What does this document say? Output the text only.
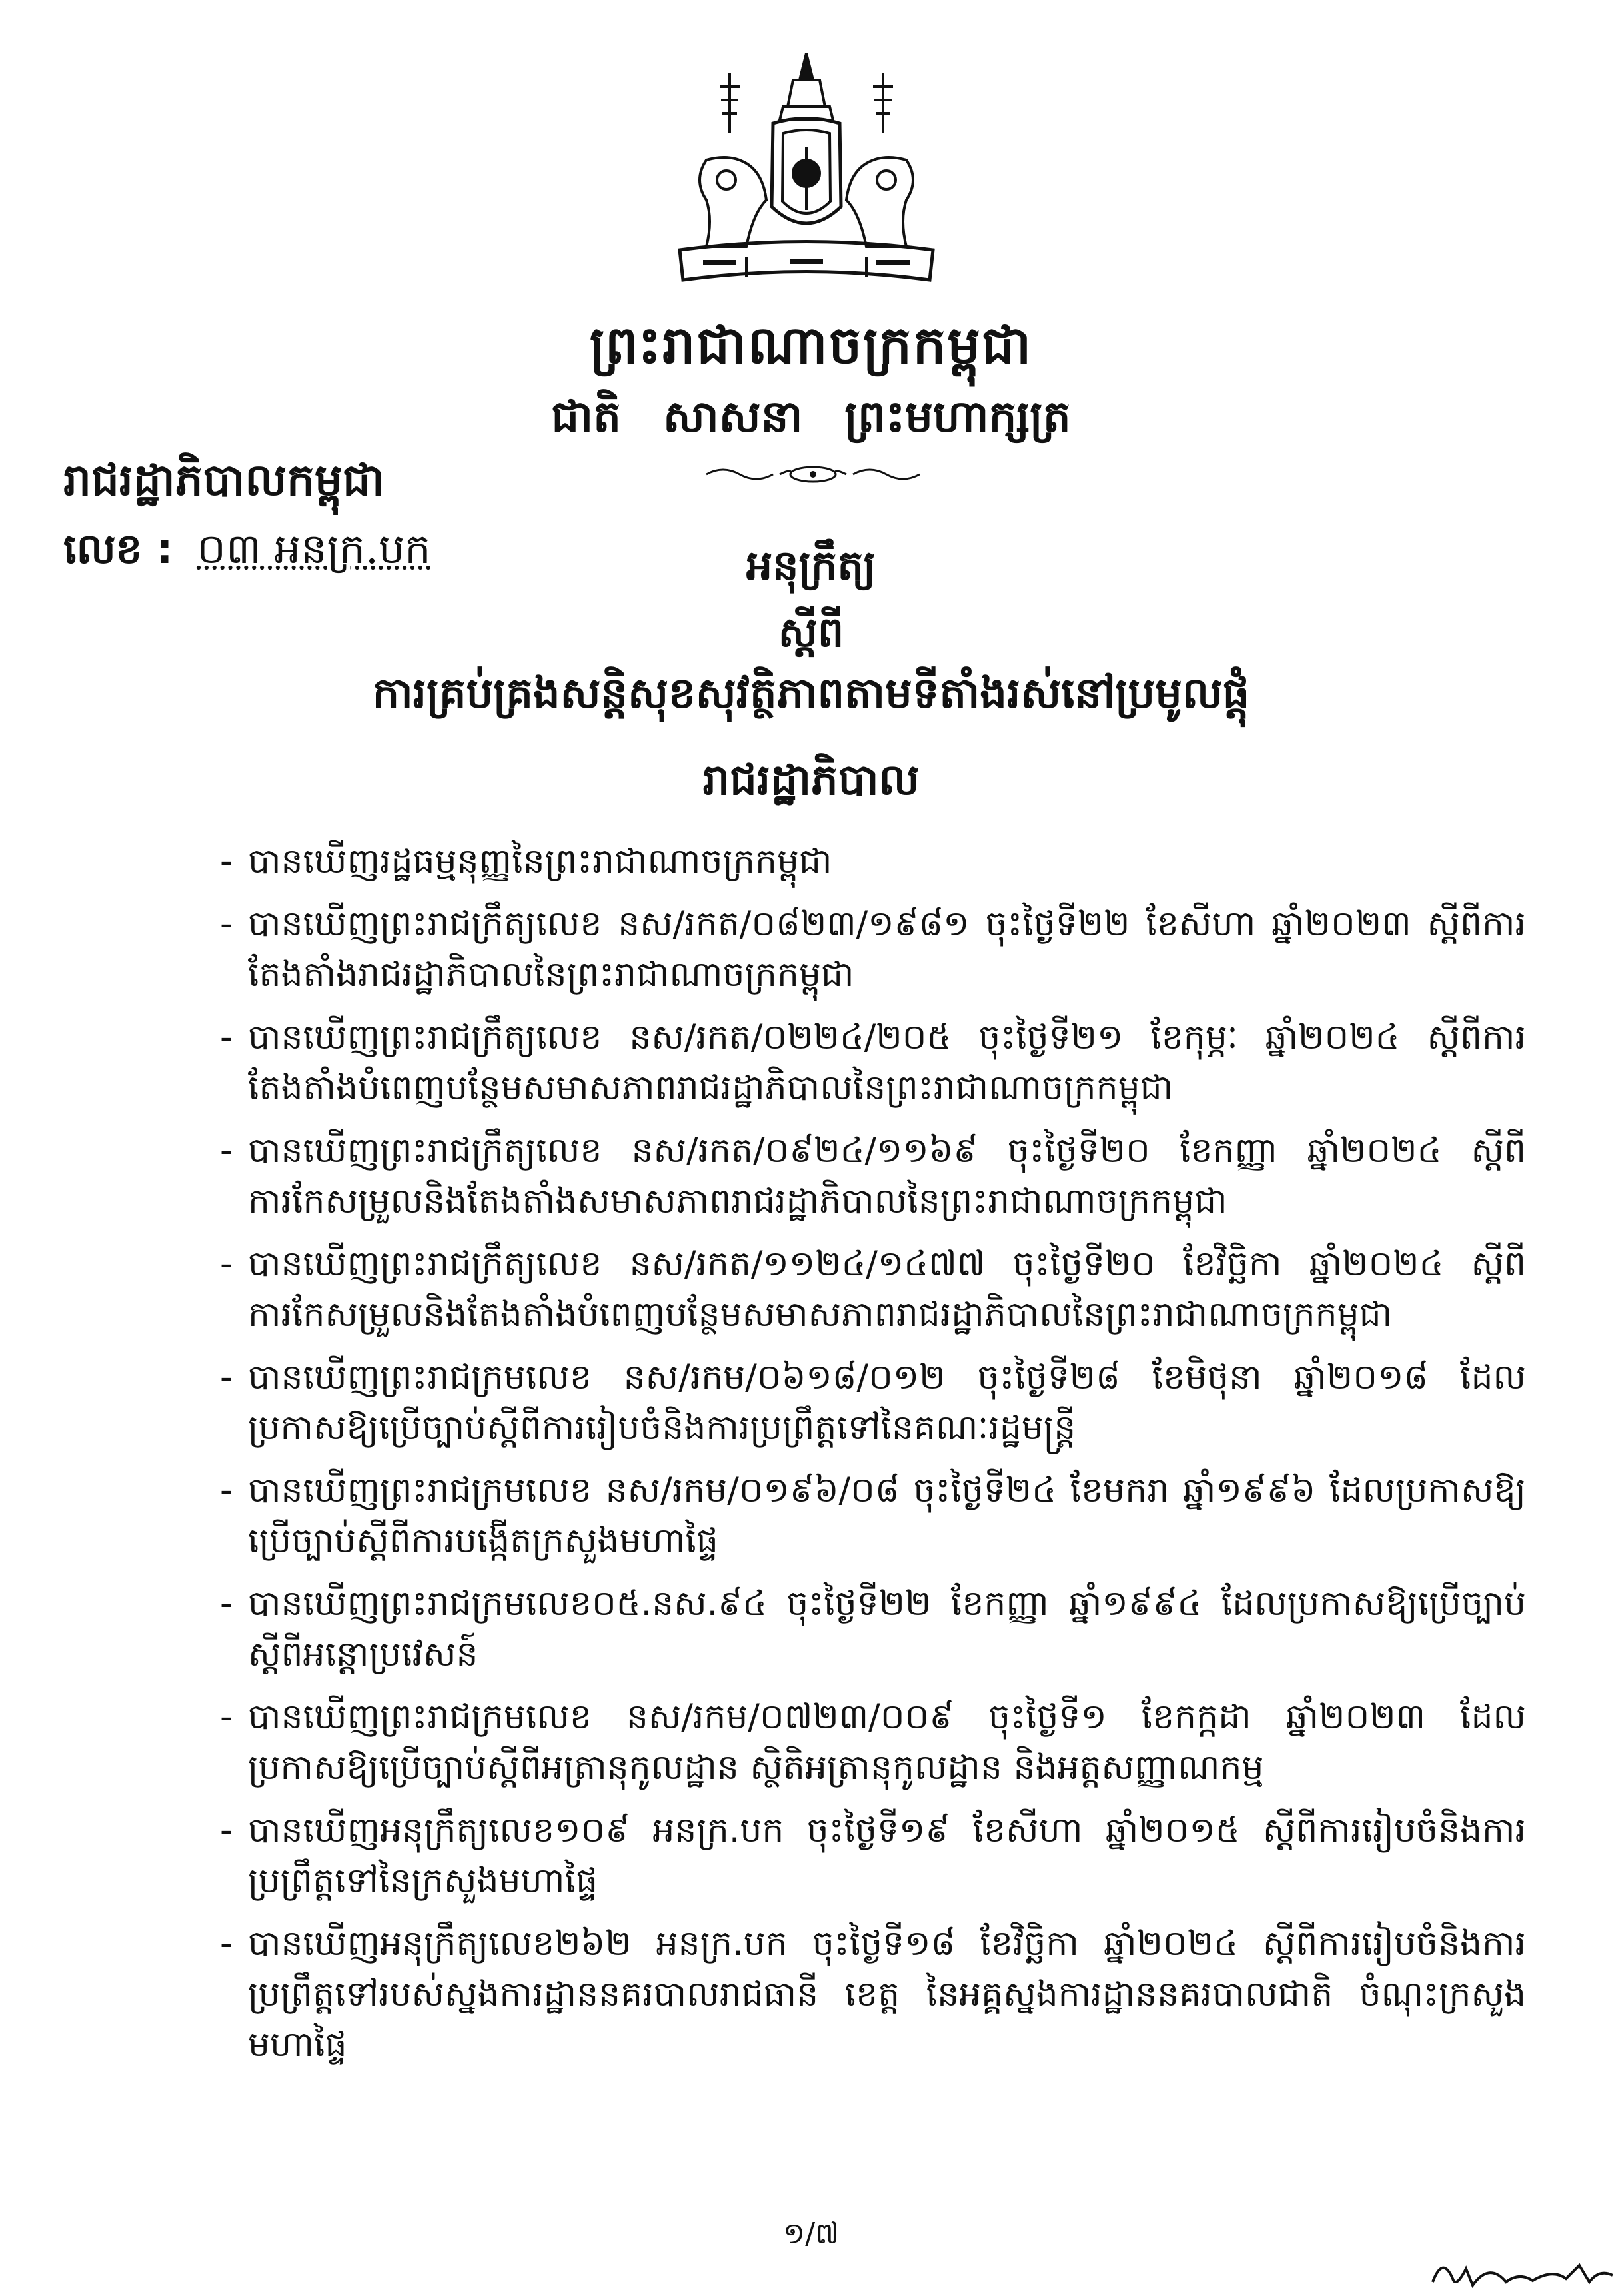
ព្រះរាជាណាចក្រកម្ពុជា
ជាតិ សាសនា ព្រះមហាក្សត្រ
រាជរដ្ឋាភិបាលកម្ពុជា
លេខ : ០៣ អនក្រ.បក	អនុក្រឹត្យ
ស្ដីពី
ការគ្រប់គ្រងសន្តិសុខសុវត្ថិភាពតាមទីតាំងរស់នៅប្រមូលផ្ដុំ
រាជរដ្ឋាភិបាល
- បានឃើញរដ្ឋធម្មនុញ្ញនៃព្រះរាជាណាចក្រកម្ពុជា
- បានឃើញព្រះរាជក្រឹត្យលេខ នស/រកត/០៨២៣/១៩៨១ ចុះថ្ងៃទី២២ ខែសីហា ឆ្នាំ២០២៣ ស្ដីពីការតែងតាំងរាជរដ្ឋាភិបាលនៃព្រះរាជាណាចក្រកម្ពុជា
- បានឃើញព្រះរាជក្រឹត្យលេខ នស/រកត/០២២៤/២០៥ ចុះថ្ងៃទី២១ ខែកុម្ភៈ ឆ្នាំ២០២៤ ស្ដីពីការតែងតាំងបំពេញបន្ថែមសមាសភាពរាជរដ្ឋាភិបាលនៃព្រះរាជាណាចក្រកម្ពុជា
- បានឃើញព្រះរាជក្រឹត្យលេខ នស/រកត/០៩២៤/១១៦៩ ចុះថ្ងៃទី២០ ខែកញ្ញា ឆ្នាំ២០២៤ ស្ដីពីការកែសម្រួលនិងតែងតាំងសមាសភាពរាជរដ្ឋាភិបាលនៃព្រះរាជាណាចក្រកម្ពុជា
- បានឃើញព្រះរាជក្រឹត្យលេខ នស/រកត/១១២៤/១៤៧៧ ចុះថ្ងៃទី២០ ខែវិច្ឆិកា ឆ្នាំ២០២៤ ស្ដីពីការកែសម្រួលនិងតែងតាំងបំពេញបន្ថែមសមាសភាពរាជរដ្ឋាភិបាលនៃព្រះរាជាណាចក្រកម្ពុជា
- បានឃើញព្រះរាជក្រមលេខ នស/រកម/០៦១៨/០១២ ចុះថ្ងៃទី២៨ ខែមិថុនា ឆ្នាំ២០១៨ ដែលប្រកាសឱ្យប្រើច្បាប់ស្ដីពីការរៀបចំនិងការប្រព្រឹត្តទៅនៃគណៈរដ្ឋមន្ត្រី
- បានឃើញព្រះរាជក្រមលេខ នស/រកម/០១៩៦/០៨ ចុះថ្ងៃទី២៤ ខែមករា ឆ្នាំ១៩៩៦ ដែលប្រកាសឱ្យប្រើច្បាប់ស្ដីពីការបង្កើតក្រសួងមហាផ្ទៃ
- បានឃើញព្រះរាជក្រមលេខ០៥.នស.៩៤ ចុះថ្ងៃទី២២ ខែកញ្ញា ឆ្នាំ១៩៩៤ ដែលប្រកាសឱ្យប្រើច្បាប់ស្ដីពីអន្តោប្រវេសន៍
- បានឃើញព្រះរាជក្រមលេខ នស/រកម/០៧២៣/០០៩ ចុះថ្ងៃទី១ ខែកក្កដា ឆ្នាំ២០២៣ ដែលប្រកាសឱ្យប្រើច្បាប់ស្ដីពីអត្រានុកូលដ្ឋាន ស្ថិតិអត្រានុកូលដ្ឋាន និងអត្តសញ្ញាណកម្ម
- បានឃើញអនុក្រឹត្យលេខ១០៩ អនក្រ.បក ចុះថ្ងៃទី១៩ ខែសីហា ឆ្នាំ២០១៥ ស្ដីពីការរៀបចំនិងការប្រព្រឹត្តទៅនៃក្រសួងមហាផ្ទៃ
- បានឃើញអនុក្រឹត្យលេខ២៦២ អនក្រ.បក ចុះថ្ងៃទី១៨ ខែវិច្ឆិកា ឆ្នាំ២០២៤ ស្ដីពីការរៀបចំនិងការប្រព្រឹត្តទៅរបស់ស្នងការដ្ឋាននគរបាលរាជធានី ខេត្ត នៃអគ្គស្នងការដ្ឋាននគរបាលជាតិ ចំណុះក្រសួងមហាផ្ទៃ
១/៧
